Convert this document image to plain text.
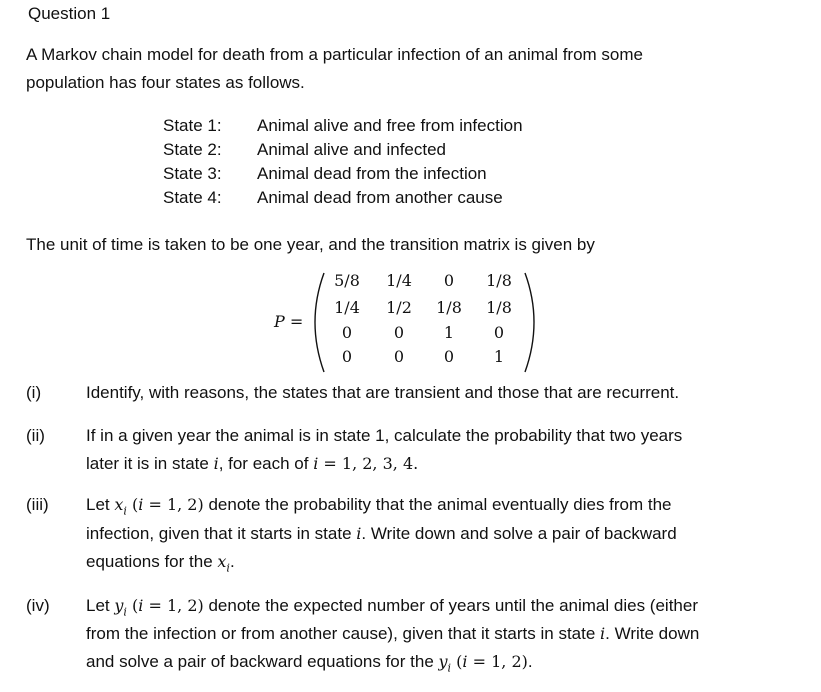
Question 1
A Markov chain model for death from a particular infection of an animal from some
population has four states as follows.
State 1: Animal alive and free from infection
State 2: Animal alive and infected
State 3: Animal dead from the infection
State 4: Animal dead from another cause
The unit of time is taken to be one year, and the transition matrix is given by
P =
5/8	1/4	0	1/8
1/4	1/2	1/8	1/8
0	0	1	0
0	0	0	1
(i)	Identify, with reasons, the states that are transient and those that are recurrent.
(ii) If in a given year the animal is in state 1, calculate the probability that two years
later it is in state i, for each of i = 1, 2, 3, 4.
(iii) Let $x_i$ (i = 1, 2) denote the probability that the animal eventually dies from the
infection, given that it starts in state i. Write down and solve a pair of backward
equations for the $x_i$.
(iv) Let $y_i$ (i = 1, 2) denote the expected number of years until the animal dies (either
from the infection or from another cause), given that it starts in state i. Write down
and solve a pair of backward equations for the $y_i$ (i = 1, 2).
